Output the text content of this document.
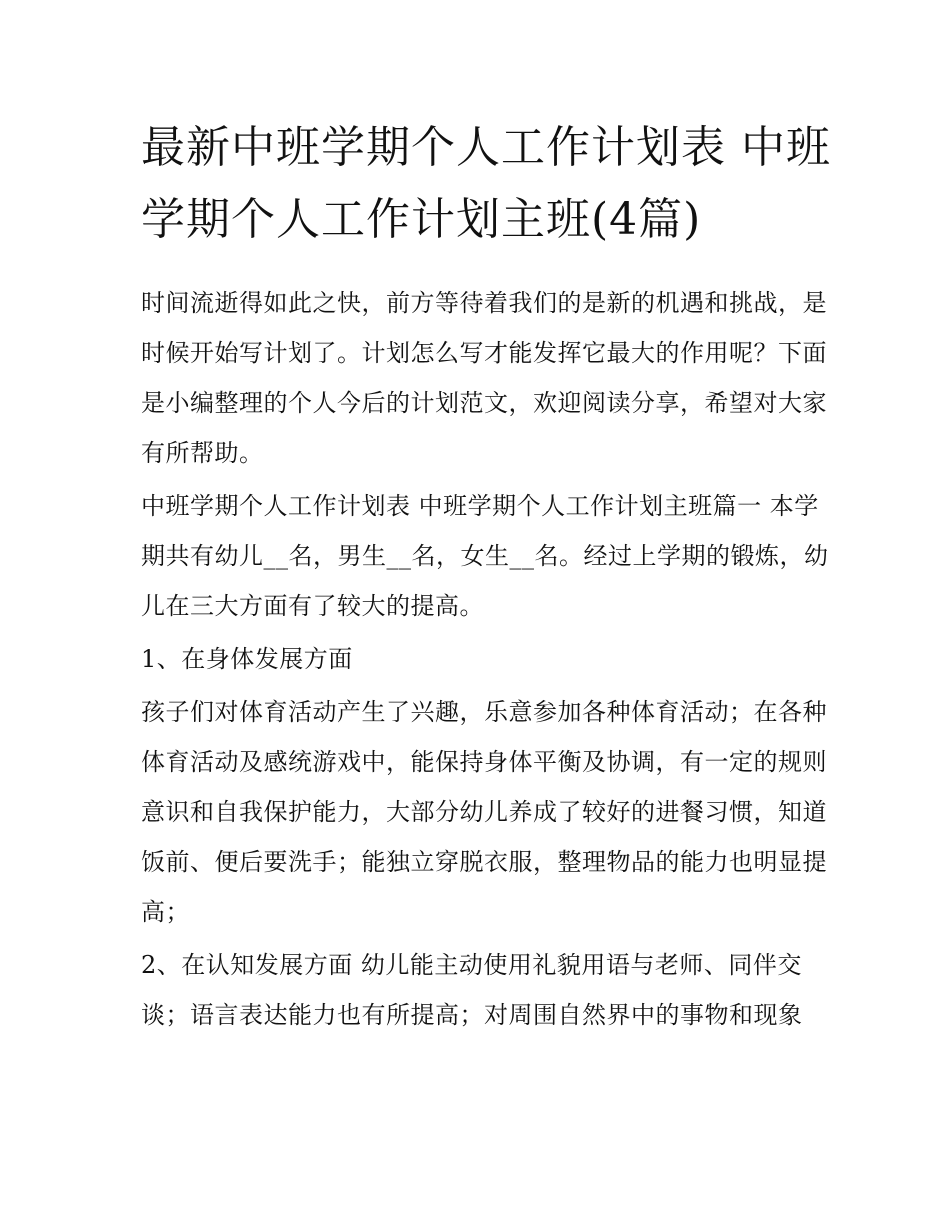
最新中班学期个人工作计划表 中班学期个人工作计划主班(4篇)

时间流逝得如此之快，前方等待着我们的是新的机遇和挑战，是时候开始写计划了。计划怎么写才能发挥它最大的作用呢？下面是小编整理的个人今后的计划范文，欢迎阅读分享，希望对大家有所帮助。

中班学期个人工作计划表 中班学期个人工作计划主班篇一 本学期共有幼儿__名，男生__名，女生__名。经过上学期的锻炼，幼儿在三大方面有了较大的提高。

1、在身体发展方面

孩子们对体育活动产生了兴趣，乐意参加各种体育活动；在各种体育活动及感统游戏中，能保持身体平衡及协调，有一定的规则意识和自我保护能力，大部分幼儿养成了较好的进餐习惯，知道饭前、便后要洗手；能独立穿脱衣服，整理物品的能力也明显提高；

2、在认知发展方面 幼儿能主动使用礼貌用语与老师、同伴交谈；语言表达能力也有所提高；对周围自然界中的事物和现象
